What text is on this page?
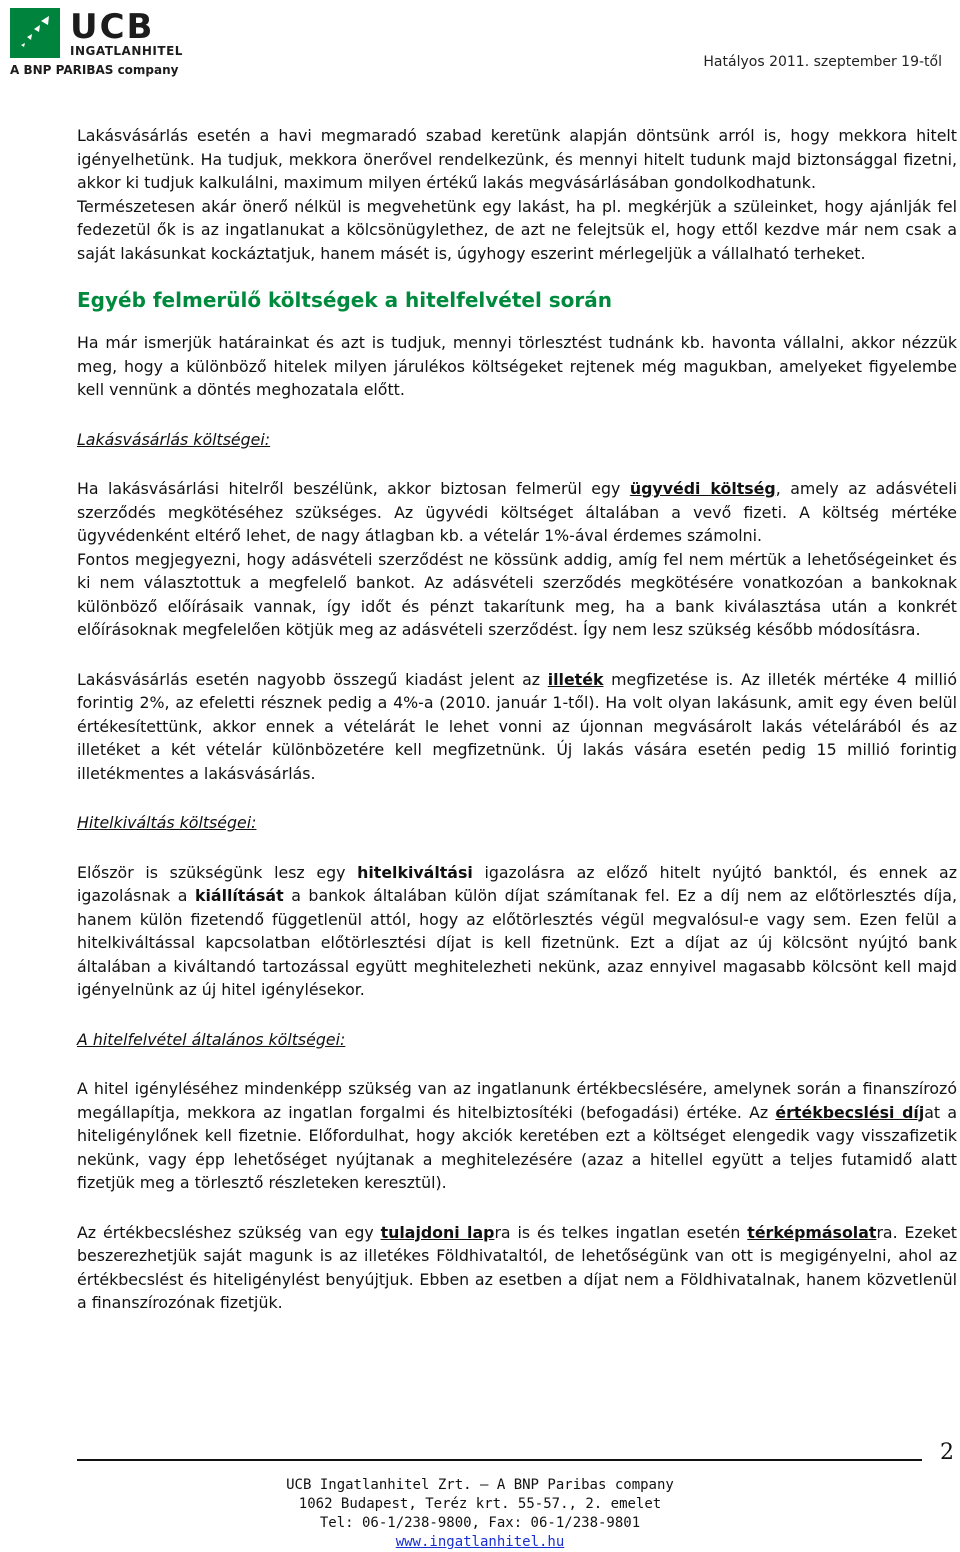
UCB
INGATLANHITEL
A BNP PARIBAS company	Hatályos 2011. szeptember 19-től

Lakásvásárlás esetén a havi megmaradó szabad keretünk alapján döntsünk arról is, hogy mekkora hitelt igényelhetünk. Ha tudjuk, mekkora önerővel rendelkezünk, és mennyi hitelt tudunk majd biztonsággal fizetni, akkor ki tudjuk kalkulálni, maximum milyen értékű lakás megvásárlásában gondolkodhatunk.

Természetesen akár önerő nélkül is megvehetünk egy lakást, ha pl. megkérjük a szüleinket, hogy ajánlják fel fedezetül ők is az ingatlanukat a kölcsönügylethez, de azt ne felejtsük el, hogy ettől kezdve már nem csak a saját lakásunkat kockáztatjuk, hanem másét is, úgyhogy eszerint mérlegeljük a vállalható terheket.

Egyéb felmerülő költségek a hitelfelvétel során

Ha már ismerjük határainkat és azt is tudjuk, mennyi törlesztést tudnánk kb. havonta vállalni, akkor nézzük meg, hogy a különböző hitelek milyen járulékos költségeket rejtenek még magukban, amelyeket figyelembe kell vennünk a döntés meghozatala előtt.

Lakásvásárlás költségei:

Ha lakásvásárlási hitelről beszélünk, akkor biztosan felmerül egy ügyvédi költség, amely az adásvételi szerződés megkötéséhez szükséges. Az ügyvédi költséget általában a vevő fizeti. A költség mértéke ügyvédenként eltérő lehet, de nagy átlagban kb. a vételár 1%-ával érdemes számolni.

Fontos megjegyezni, hogy adásvételi szerződést ne kössünk addig, amíg fel nem mértük a lehetőségeinket és ki nem választottuk a megfelelő bankot. Az adásvételi szerződés megkötésére vonatkozóan a bankoknak különböző előírásaik vannak, így időt és pénzt takarítunk meg, ha a bank kiválasztása után a konkrét előírásoknak megfelelően kötjük meg az adásvételi szerződést. Így nem lesz szükség később módosításra.

Lakásvásárlás esetén nagyobb összegű kiadást jelent az illeték megfizetése is. Az illeték mértéke 4 millió forintig 2%, az efeletti résznek pedig a 4%-a (2010. január 1-től). Ha volt olyan lakásunk, amit egy éven belül értékesítettünk, akkor ennek a vételárát le lehet vonni az újonnan megvásárolt lakás vételárából és az illetéket a két vételár különbözetére kell megfizetnünk. Új lakás vására esetén pedig 15 millió forintig illetékmentes a lakásvásárlás.

Hitelkiváltás költségei:

Először is szükségünk lesz egy hitelkiváltási igazolásra az előző hitelt nyújtó banktól, és ennek az igazolásnak a kiállítását a bankok általában külön díjat számítanak fel. Ez a díj nem az előtörlesztés díja, hanem külön fizetendő függetlenül attól, hogy az előtörlesztés végül megvalósul-e vagy sem. Ezen felül a hitelkiváltással kapcsolatban előtörlesztési díjat is kell fizetnünk. Ezt a díjat az új kölcsönt nyújtó bank általában a kiváltandó tartozással együtt meghitelezheti nekünk, azaz ennyivel magasabb kölcsönt kell majd igényelnünk az új hitel igénylésekor.

A hitelfelvétel általános költségei:

A hitel igényléséhez mindenképp szükség van az ingatlanunk értékbecslésére, amelynek során a finanszírozó megállapítja, mekkora az ingatlan forgalmi és hitelbiztosítéki (befogadási) értéke. Az értékbecslési díjat a hiteligénylőnek kell fizetnie. Előfordulhat, hogy akciók keretében ezt a költséget elengedik vagy visszafizetik nekünk, vagy épp lehetőséget nyújtanak a meghitelezésére (azaz a hitellel együtt a teljes futamidő alatt fizetjük meg a törlesztő részleteken keresztül).

Az értékbecsléshez szükség van egy tulajdoni lapra is és telkes ingatlan esetén térképmásolatra. Ezeket beszerezhetjük saját magunk is az illetékes Földhivataltól, de lehetőségünk van ott is megigényelni, ahol az értékbecslést és hiteligénylést benyújtjuk. Ebben az esetben a díjat nem a Földhivatalnak, hanem közvetlenül a finanszírozónak fizetjük.

2
UCB Ingatlanhitel Zrt. – A BNP Paribas company
1062 Budapest, Teréz krt. 55-57., 2. emelet
Tel: 06-1/238-9800, Fax: 06-1/238-9801
www.ingatlanhitel.hu
